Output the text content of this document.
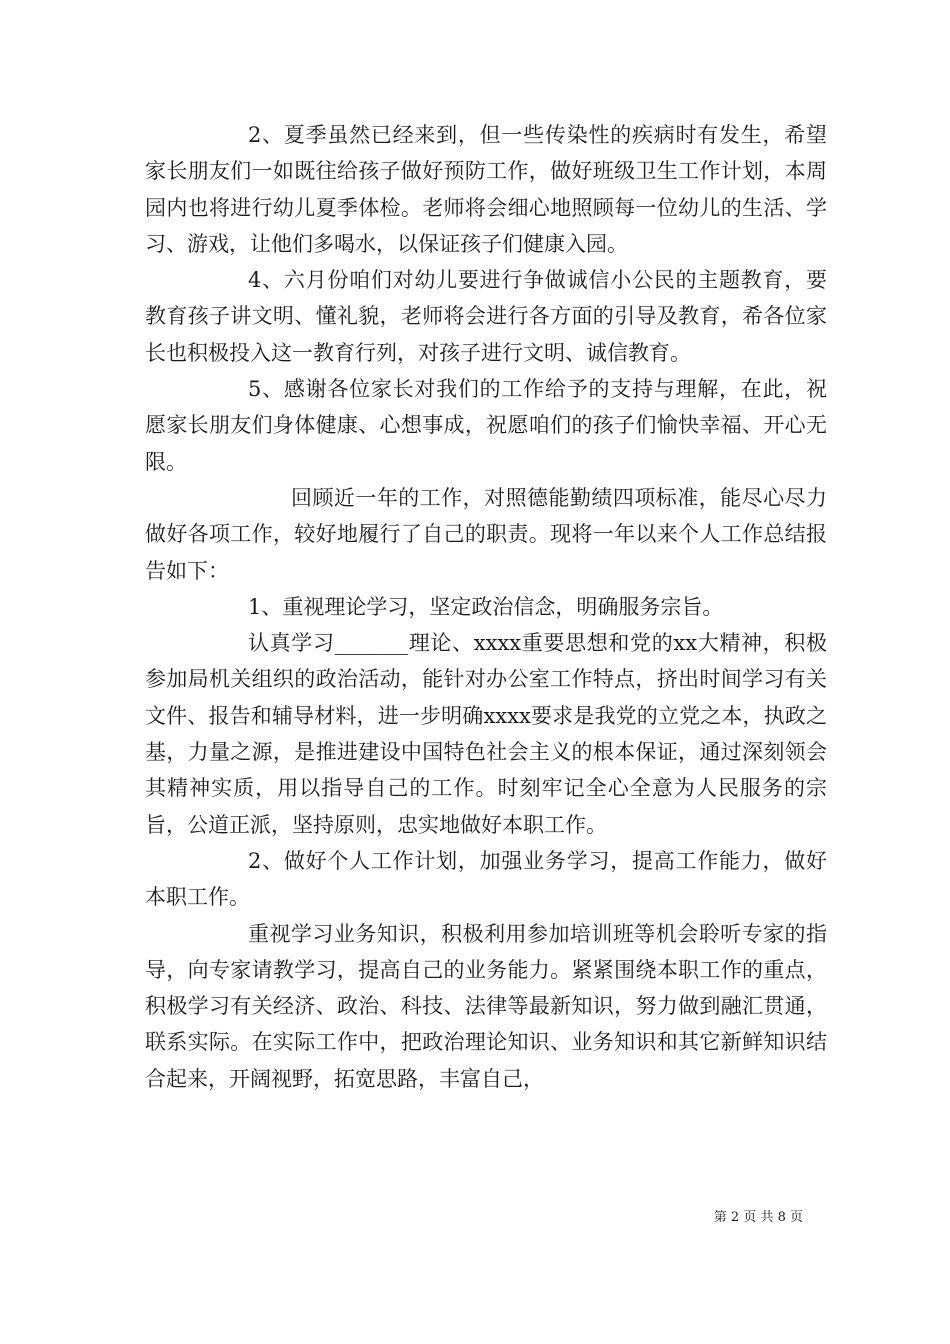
2、夏季虽然已经来到，但一些传染性的疾病时有发生，希望家长朋友们一如既往给孩子做好预防工作，做好班级卫生工作计划，本周园内也将进行幼儿夏季体检。老师将会细心地照顾每一位幼儿的生活、学习、游戏，让他们多喝水，以保证孩子们健康入园。

4、六月份咱们对幼儿要进行争做诚信小公民的主题教育，要教育孩子讲文明、懂礼貌，老师将会进行各方面的引导及教育，希各位家长也积极投入这一教育行列，对孩子进行文明、诚信教育。

5、感谢各位家长对我们的工作给予的支持与理解，在此，祝愿家长朋友们身体健康、心想事成，祝愿咱们的孩子们愉快幸福、开心无限。

回顾近一年的工作，对照德能勤绩四项标准，能尽心尽力做好各项工作，较好地履行了自己的职责。现将一年以来个人工作总结报告如下：

1、重视理论学习，坚定政治信念，明确服务宗旨。

认真学习_______理论、xxxx重要思想和党的xx大精神，积极参加局机关组织的政治活动，能针对办公室工作特点，挤出时间学习有关文件、报告和辅导材料，进一步明确xxxx要求是我党的立党之本，执政之基，力量之源，是推进建设中国特色社会主义的根本保证，通过深刻领会其精神实质，用以指导自己的工作。时刻牢记全心全意为人民服务的宗旨，公道正派，坚持原则，忠实地做好本职工作。

2、做好个人工作计划，加强业务学习，提高工作能力，做好本职工作。

重视学习业务知识，积极利用参加培训班等机会聆听专家的指导，向专家请教学习，提高自己的业务能力。紧紧围绕本职工作的重点，积极学习有关经济、政治、科技、法律等最新知识，努力做到融汇贯通，联系实际。在实际工作中，把政治理论知识、业务知识和其它新鲜知识结合起来，开阔视野，拓宽思路，丰富自己，

第 2 页 共 8 页
